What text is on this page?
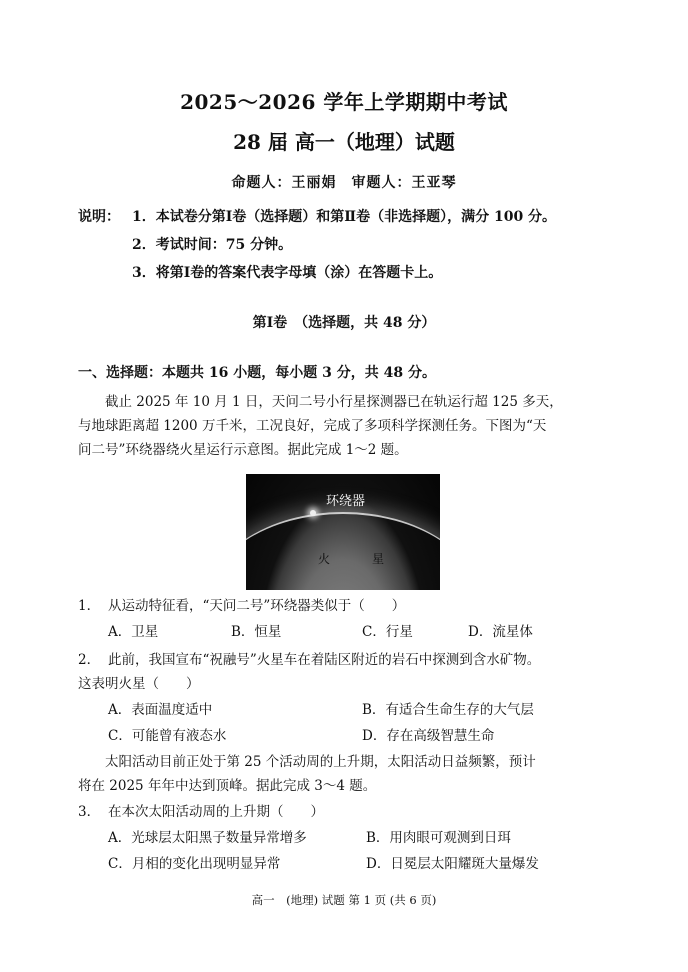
2025～2026 学年上学期期中考试
28 届 高一（地理）试题
命题人：王丽娟　审题人：王亚琴
说明： 1．本试卷分第Ⅰ卷（选择题）和第Ⅱ卷（非选择题），满分 100 分。
2．考试时间：75 分钟。
3．将第Ⅰ卷的答案代表字母填（涂）在答题卡上。
第Ⅰ卷　（选择题，共 48 分）
一、选择题：本题共 16 小题，每小题 3 分，共 48 分。
截止 2025 年 10 月 1 日，天问二号小行星探测器已在轨运行超 125 多天，
与地球距离超 1200 万千米，工况良好，完成了多项科学探测任务。下图为“天
问二号”环绕器绕火星运行示意图。据此完成 1～2 题。
环绕器
火	星
1． 从运动特征看，“天问二号”环绕器类似于（　　）
A．卫星	B．恒星	C．行星	D．流星体
2． 此前，我国宣布“祝融号”火星车在着陆区附近的岩石中探测到含水矿物。
这表明火星（　　）
A．表面温度适中	B．有适合生命生存的大气层
C．可能曾有液态水	D．存在高级智慧生命
太阳活动目前正处于第 25 个活动周的上升期，太阳活动日益频繁，预计
将在 2025 年年中达到顶峰。据此完成 3～4 题。
3． 在本次太阳活动周的上升期（　　）
A．光球层太阳黑子数量异常增多	B．用肉眼可观测到日珥
C．月相的变化出现明显异常	D．日冕层太阳耀斑大量爆发
高一　(地理) 试题 第 1 页 (共 6 页)
